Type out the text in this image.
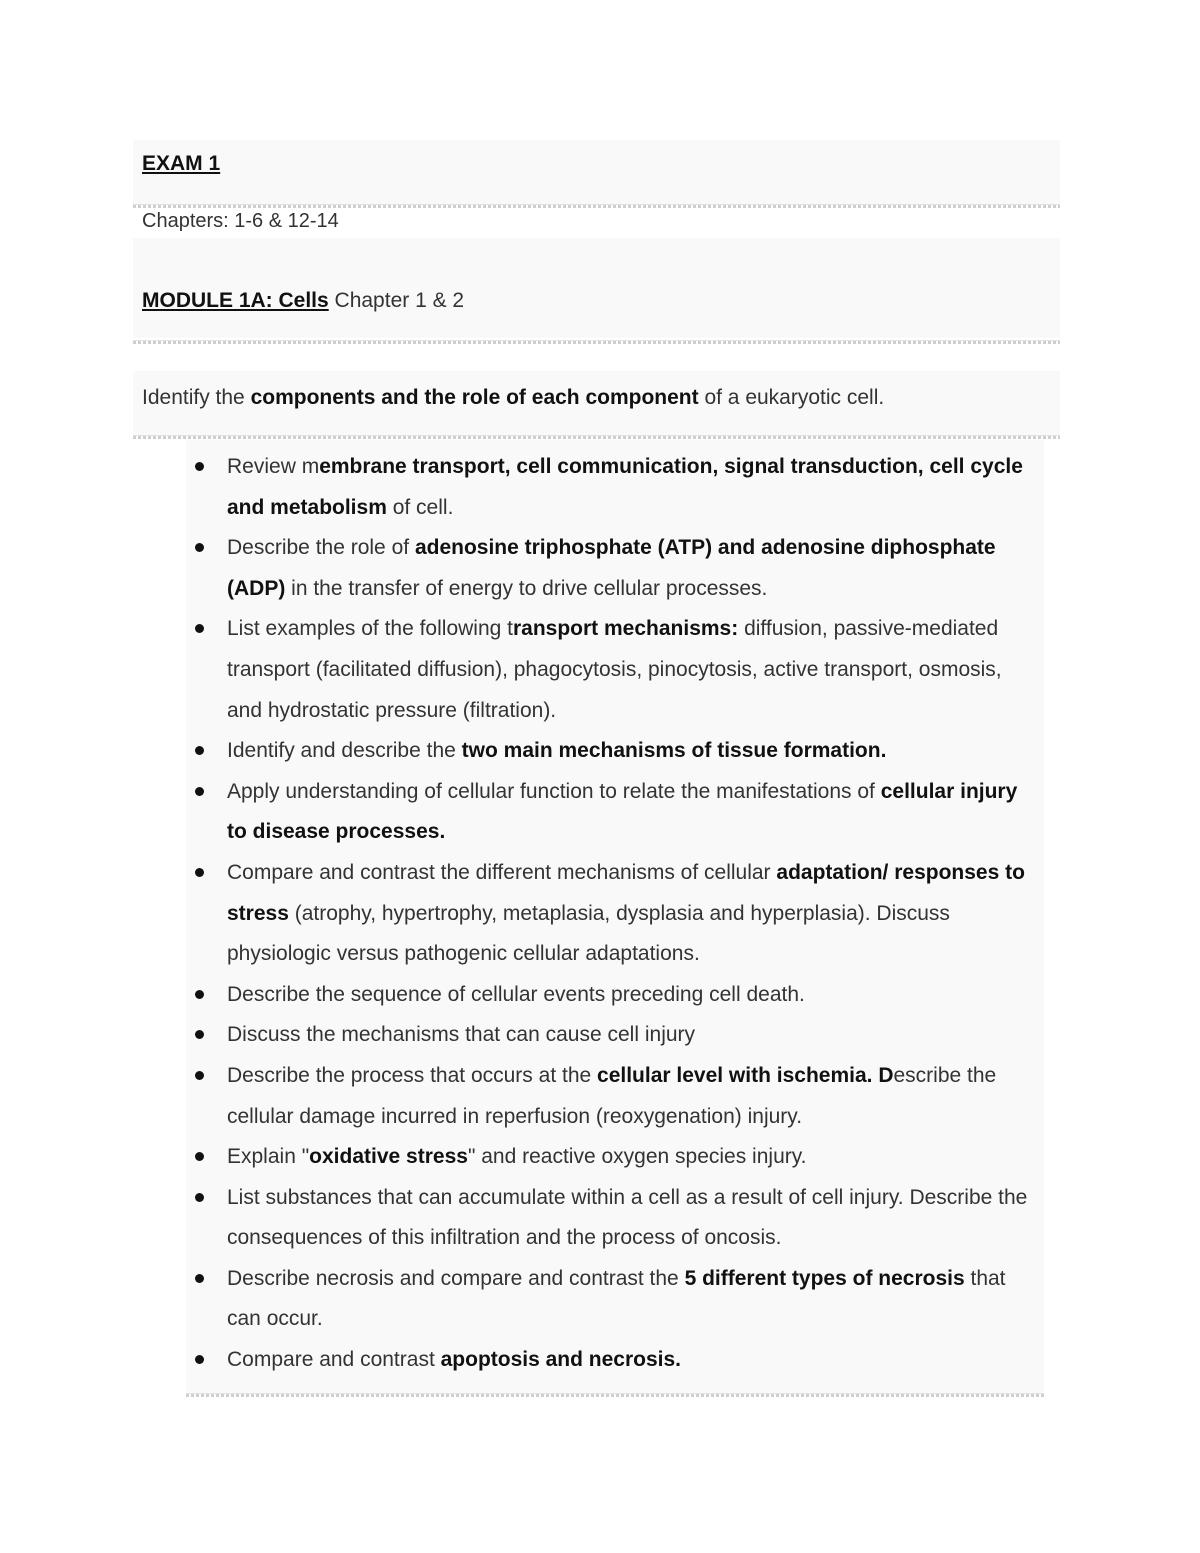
EXAM 1
Chapters: 1-6 & 12-14
MODULE 1A: Cells Chapter 1 & 2
Identify the components and the role of each component of a eukaryotic cell.
Review membrane transport, cell communication, signal transduction, cell cycle and metabolism of cell.
Describe the role of adenosine triphosphate (ATP) and adenosine diphosphate (ADP) in the transfer of energy to drive cellular processes.
List examples of the following transport mechanisms: diffusion, passive-mediated transport (facilitated diffusion), phagocytosis, pinocytosis, active transport, osmosis, and hydrostatic pressure (filtration).
Identify and describe the two main mechanisms of tissue formation.
Apply understanding of cellular function to relate the manifestations of cellular injury to disease processes.
Compare and contrast the different mechanisms of cellular adaptation/ responses to stress (atrophy, hypertrophy, metaplasia, dysplasia and hyperplasia). Discuss physiologic versus pathogenic cellular adaptations.
Describe the sequence of cellular events preceding cell death.
Discuss the mechanisms that can cause cell injury
Describe the process that occurs at the cellular level with ischemia. Describe the cellular damage incurred in reperfusion (reoxygenation) injury.
Explain "oxidative stress" and reactive oxygen species injury.
List substances that can accumulate within a cell as a result of cell injury. Describe the consequences of this infiltration and the process of oncosis.
Describe necrosis and compare and contrast the 5 different types of necrosis that can occur.
Compare and contrast apoptosis and necrosis.
